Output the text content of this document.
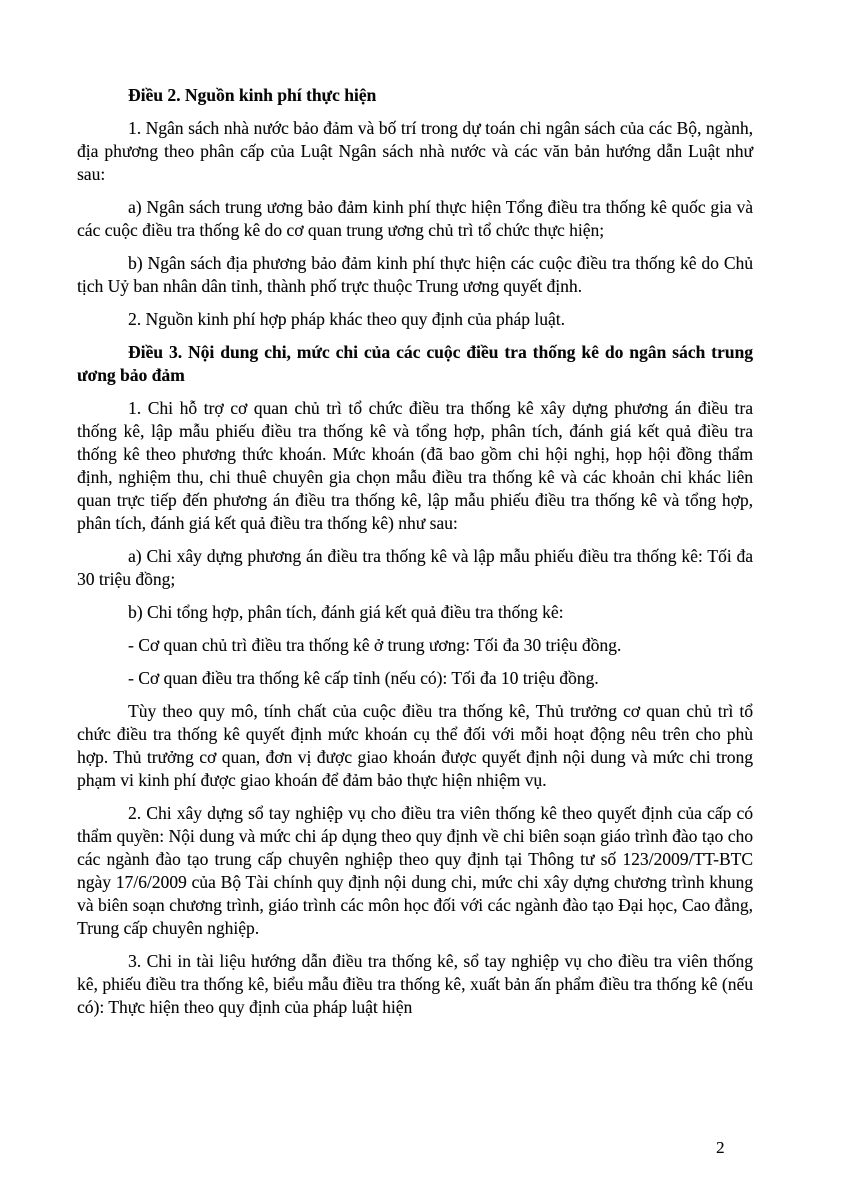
Điều 2. Nguồn kinh phí thực hiện

1. Ngân sách nhà nước bảo đảm và bố trí trong dự toán chi ngân sách của các Bộ, ngành, địa phương theo phân cấp của Luật Ngân sách nhà nước và các văn bản hướng dẫn Luật như sau:

a) Ngân sách trung ương bảo đảm kinh phí thực hiện Tổng điều tra thống kê quốc gia và các cuộc điều tra thống kê do cơ quan trung ương chủ trì tổ chức thực hiện;

b) Ngân sách địa phương bảo đảm kinh phí thực hiện các cuộc điều tra thống kê do Chủ tịch Uỷ ban nhân dân tỉnh, thành phố trực thuộc Trung ương quyết định.

2. Nguồn kinh phí hợp pháp khác theo quy định của pháp luật.

Điều 3. Nội dung chi, mức chi của các cuộc điều tra thống kê do ngân sách trung ương bảo đảm

1. Chi hỗ trợ cơ quan chủ trì tổ chức điều tra thống kê xây dựng phương án điều tra thống kê, lập mẫu phiếu điều tra thống kê và tổng hợp, phân tích, đánh giá kết quả điều tra thống kê theo phương thức khoán. Mức khoán (đã bao gồm chi hội nghị, họp hội đồng thẩm định, nghiệm thu, chi thuê chuyên gia chọn mẫu điều tra thống kê và các khoản chi khác liên quan trực tiếp đến phương án điều tra thống kê, lập mẫu phiếu điều tra thống kê và tổng hợp, phân tích, đánh giá kết quả điều tra thống kê) như sau:

a) Chi xây dựng phương án điều tra thống kê và lập mẫu phiếu điều tra thống kê: Tối đa 30 triệu đồng;

b) Chi tổng hợp, phân tích, đánh giá kết quả điều tra thống kê:

- Cơ quan chủ trì điều tra thống kê ở trung ương: Tối đa 30 triệu đồng.

- Cơ quan điều tra thống kê cấp tỉnh (nếu có): Tối đa 10 triệu đồng.

Tùy theo quy mô, tính chất của cuộc điều tra thống kê, Thủ trưởng cơ quan chủ trì tổ chức điều tra thống kê quyết định mức khoán cụ thể đối với mỗi hoạt động nêu trên cho phù hợp. Thủ trưởng cơ quan, đơn vị được giao khoán được quyết định nội dung và mức chi trong phạm vi kinh phí được giao khoán để đảm bảo thực hiện nhiệm vụ.

2. Chi xây dựng sổ tay nghiệp vụ cho điều tra viên thống kê theo quyết định của cấp có thẩm quyền: Nội dung và mức chi áp dụng theo quy định về chi biên soạn giáo trình đào tạo cho các ngành đào tạo trung cấp chuyên nghiệp theo quy định tại Thông tư số 123/2009/TT-BTC ngày 17/6/2009 của Bộ Tài chính quy định nội dung chi, mức chi xây dựng chương trình khung và biên soạn chương trình, giáo trình các môn học đối với các ngành đào tạo Đại học, Cao đẳng, Trung cấp chuyên nghiệp.

3. Chi in tài liệu hướng dẫn điều tra thống kê, sổ tay nghiệp vụ cho điều tra viên thống kê, phiếu điều tra thống kê, biểu mẫu điều tra thống kê, xuất bản ấn phẩm điều tra thống kê (nếu có): Thực hiện theo quy định của pháp luật hiện

2
